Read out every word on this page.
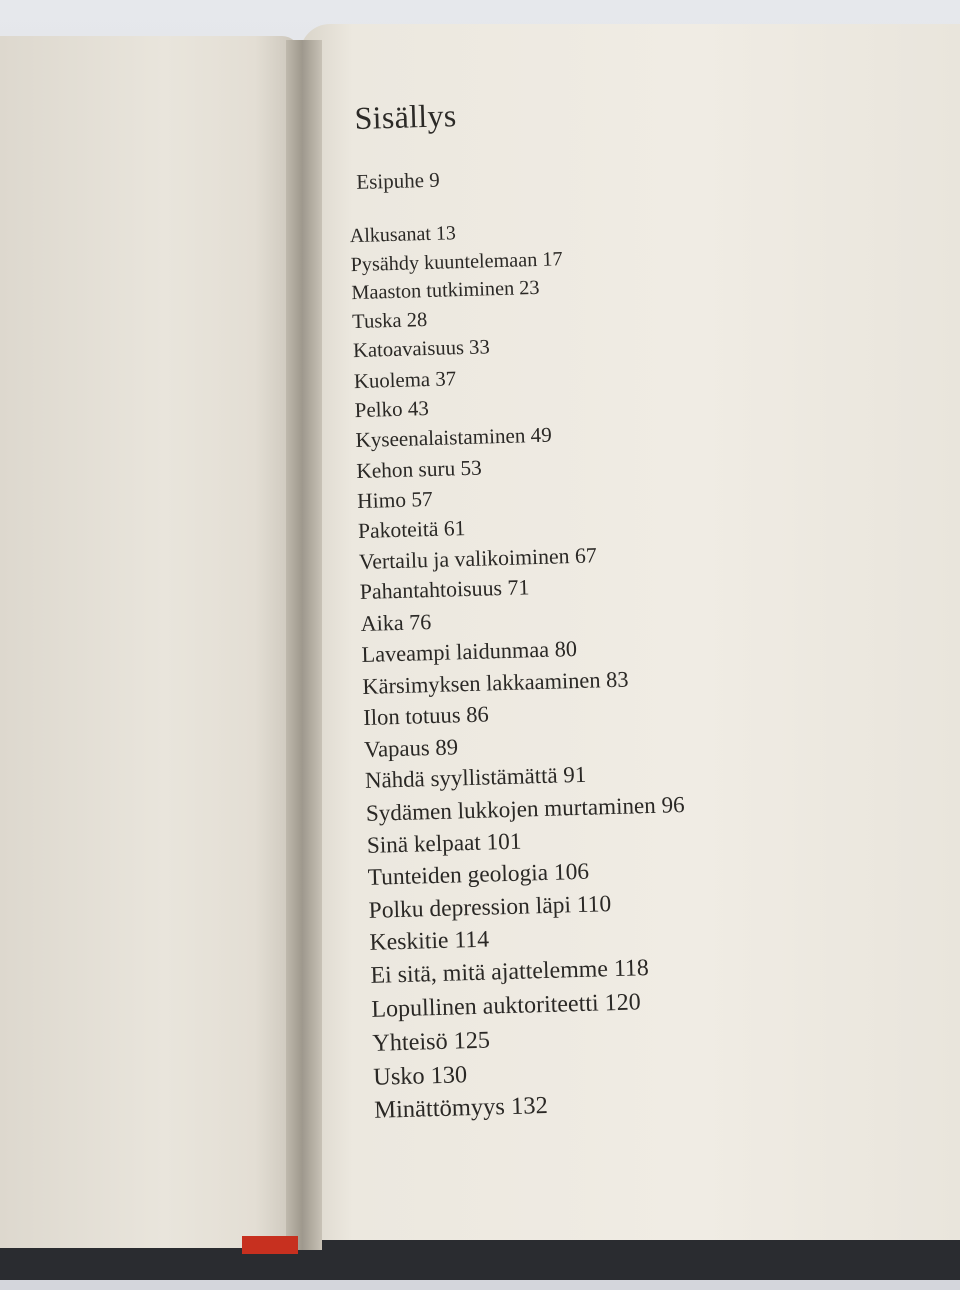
Sisällys
Esipuhe 9
Alkusanat 13
Pysähdy kuuntelemaan 17
Maaston tutkiminen 23
Tuska 28
Katoavaisuus 33
Kuolema 37
Pelko 43
Kyseenalaistaminen 49
Kehon suru 53
Himo 57
Pakoteitä 61
Vertailu ja valikoiminen 67
Pahantahtoisuus 71
Aika 76
Laveampi laidunmaa 80
Kärsimyksen lakkaaminen 83
Ilon totuus 86
Vapaus 89
Nähdä syyllistämättä 91
Sydämen lukkojen murtaminen 96
Sinä kelpaat 101
Tunteiden geologia 106
Polku depression läpi 110
Keskitie 114
Ei sitä, mitä ajattelemme 118
Lopullinen auktoriteetti 120
Yhteisö 125
Usko 130
Minättömyys 132
